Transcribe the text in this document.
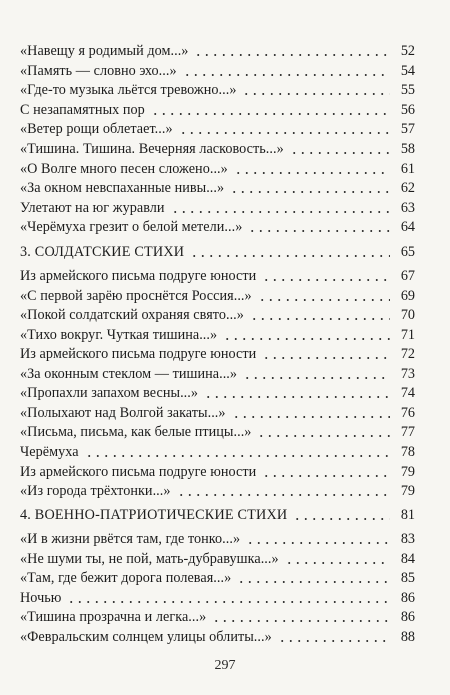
«Навещу я родимый дом...»	52
«Память — словно эхо...»	54
«Где-то музыка льётся тревожно...»	55
С незапамятных пор	56
«Ветер рощи облетает...»	57
«Тишина. Тишина. Вечерняя ласковость...»	58
«О Волге много песен сложено...»	61
«За окном невспаханные нивы...»	62
Улетают на юг журавли	63
«Черёмуха грезит о белой метели...»	64
3. СОЛДАТСКИЕ СТИХИ	65
Из армейского письма подруге юности	67
«С первой зарёю проснётся Россия...»	69
«Покой солдатский охраняя свято...»	70
«Тихо вокруг. Чуткая тишина...»	71
Из армейского письма подруге юности	72
«За оконным стеклом — тишина...»	73
«Пропахли запахом весны...»	74
«Полыхают над Волгой закаты...»	76
«Письма, письма, как белые птицы...»	77
Черёмуха	78
Из армейского письма подруге юности	79
«Из города трёхтонки...»	79
4. ВОЕННО-ПАТРИОТИЧЕСКИЕ СТИХИ	81
«И в жизни рвётся там, где тонко...»	83
«Не шуми ты, не пой, мать-дубравушка...»	84
«Там, где бежит дорога полевая...»	85
Ночью	86
«Тишина прозрачна и легка...»	86
«Февральским солнцем улицы облиты...»	88
297
